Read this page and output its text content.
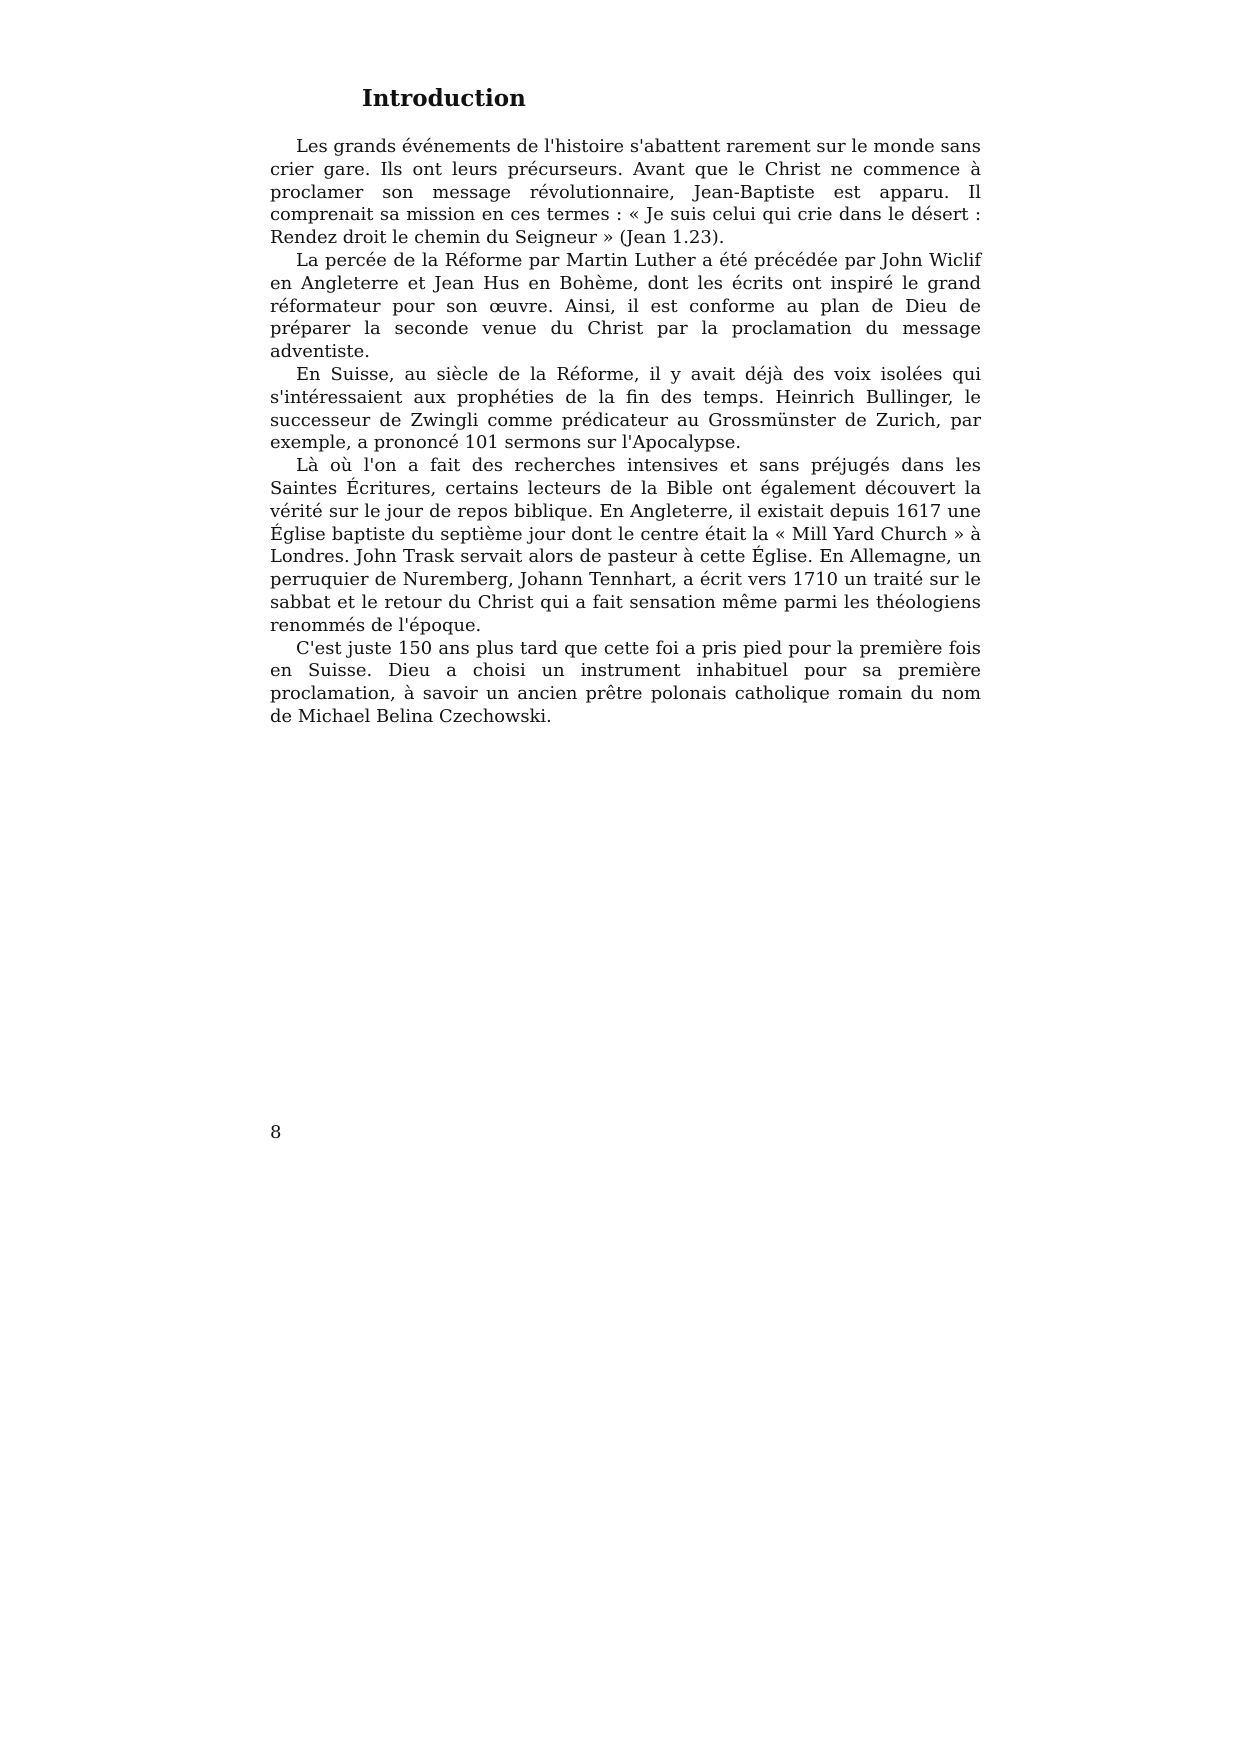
Introduction

Les grands événements de l'histoire s'abattent rarement sur le monde sans crier gare. Ils ont leurs précurseurs. Avant que le Christ ne commence à proclamer son message révolutionnaire, Jean-Baptiste est apparu. Il comprenait sa mission en ces termes : « Je suis celui qui crie dans le désert : Rendez droit le chemin du Seigneur » (Jean 1.23).

La percée de la Réforme par Martin Luther a été précédée par John Wiclif en Angleterre et Jean Hus en Bohème, dont les écrits ont inspiré le grand réformateur pour son œuvre. Ainsi, il est conforme au plan de Dieu de préparer la seconde venue du Christ par la proclamation du message adventiste.

En Suisse, au siècle de la Réforme, il y avait déjà des voix isolées qui s'intéressaient aux prophéties de la fin des temps. Heinrich Bullinger, le successeur de Zwingli comme prédicateur au Grossmünster de Zurich, par exemple, a prononcé 101 sermons sur l'Apocalypse.

Là où l'on a fait des recherches intensives et sans préjugés dans les Saintes Écritures, certains lecteurs de la Bible ont également découvert la vérité sur le jour de repos biblique. En Angleterre, il existait depuis 1617 une Église baptiste du septième jour dont le centre était la « Mill Yard Church » à Londres. John Trask servait alors de pasteur à cette Église. En Allemagne, un perruquier de Nuremberg, Johann Tennhart, a écrit vers 1710 un traité sur le sabbat et le retour du Christ qui a fait sensation même parmi les théologiens renommés de l'époque.

C'est juste 150 ans plus tard que cette foi a pris pied pour la première fois en Suisse. Dieu a choisi un instrument inhabituel pour sa première proclamation, à savoir un ancien prêtre polonais catholique romain du nom de Michael Belina Czechowski.

8
